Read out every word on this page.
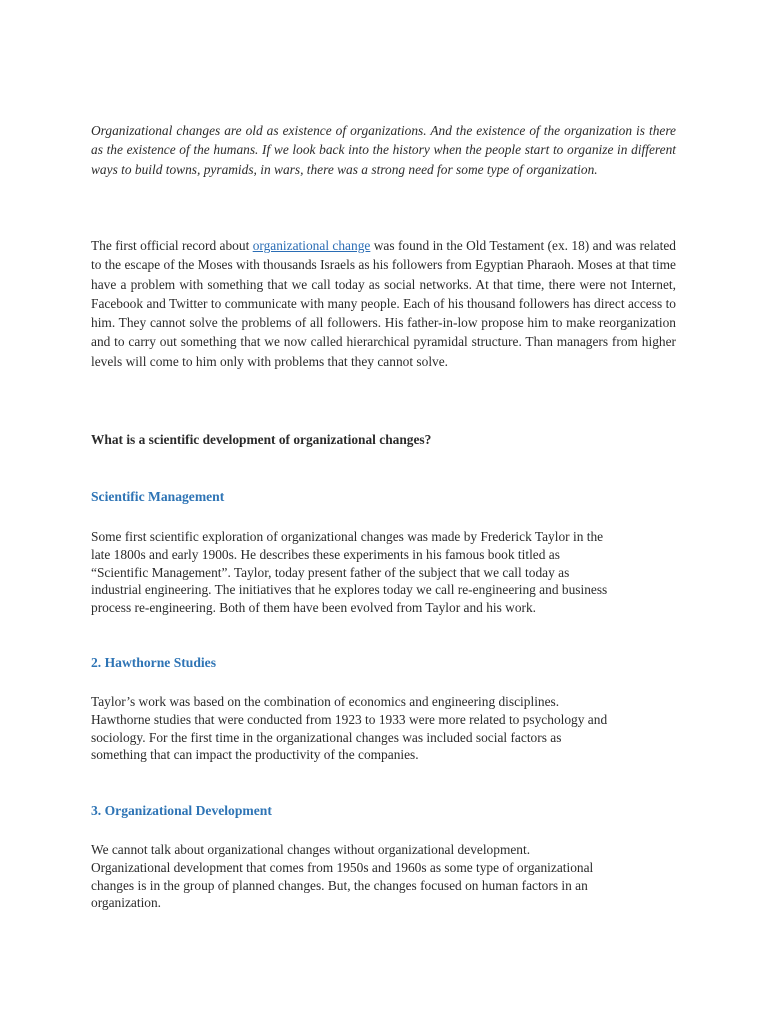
Organizational changes are old as existence of organizations. And the existence of the organization is there as the existence of the humans. If we look back into the history when the people start to organize in different ways to build towns, pyramids, in wars, there was a strong need for some type of organization.

The first official record about organizational change was found in the Old Testament (ex. 18) and was related to the escape of the Moses with thousands Israels as his followers from Egyptian Pharaoh. Moses at that time have a problem with something that we call today as social networks. At that time, there were not Internet, Facebook and Twitter to communicate with many people. Each of his thousand followers has direct access to him. They cannot solve the problems of all followers. His father-in-low propose him to make reorganization and to carry out something that we now called hierarchical pyramidal structure. Than managers from higher levels will come to him only with problems that they cannot solve.

What is a scientific development of organizational changes?

Scientific Management
Some first scientific exploration of organizational changes was made by Frederick Taylor in the
late 1800s and early 1900s. He describes these experiments in his famous book titled as
“Scientific Management”. Taylor, today present father of the subject that we call today as
industrial engineering. The initiatives that he explores today we call re-engineering and business
process re-engineering. Both of them have been evolved from Taylor and his work.
2. Hawthorne Studies
Taylor’s work was based on the combination of economics and engineering disciplines.
Hawthorne studies that were conducted from 1923 to 1933 were more related to psychology and
sociology. For the first time in the organizational changes was included social factors as
something that can impact the productivity of the companies.
3. Organizational Development
We cannot talk about organizational changes without organizational development.
Organizational development that comes from 1950s and 1960s as some type of organizational
changes is in the group of planned changes. But, the changes focused on human factors in an
organization.
